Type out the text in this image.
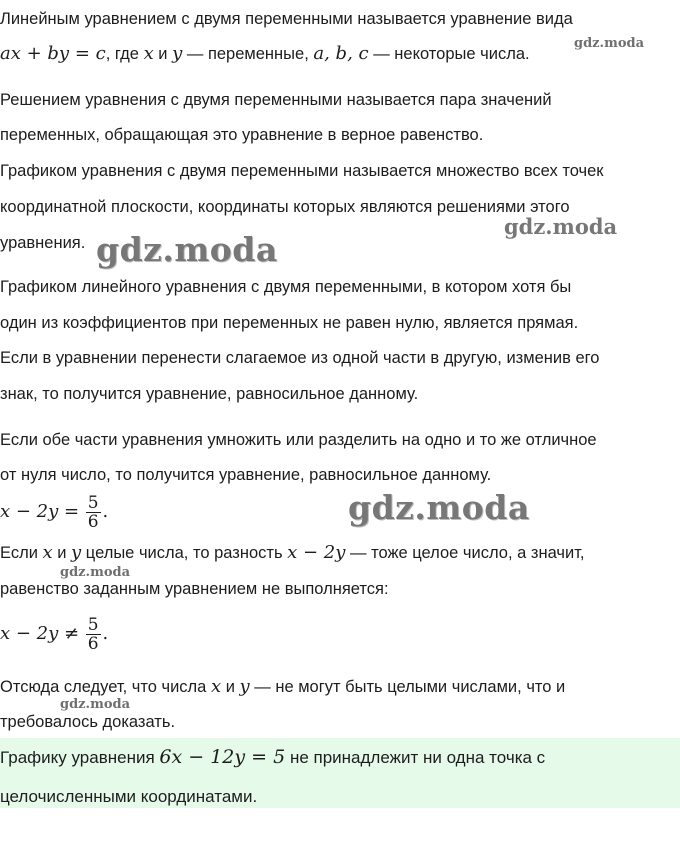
Линейным уравнением с двумя переменными называется уравнение вида
ax + by = c, где x и y — переменные, a, b, c — некоторые числа.
Решением уравнения с двумя переменными называется пара значений
переменных, обращающая это уравнение в верное равенство.
Графиком уравнения с двумя переменными называется множество всех точек
координатной плоскости, координаты которых являются решениями этого
уравнения.
Графиком линейного уравнения с двумя переменными, в котором хотя бы
один из коэффициентов при переменных не равен нулю, является прямая.
Если в уравнении перенести слагаемое из одной части в другую, изменив его
знак, то получится уравнение, равносильное данному.
Если обе части уравнения умножить или разделить на одно и то же отличное
от нуля число, то получится уравнение, равносильное данному.
$x - 2y = \frac{5}{6}$ .
Если x и y целые числа, то разность x − 2y — тоже целое число, а значит,
равенство заданным уравнением не выполняется:
$x - 2y \ne \frac{5}{6}$ .
Отсюда следует, что числа x и y — не могут быть целыми числами, что и
требовалось доказать.
Графику уравнения 6x − 12y = 5 не принадлежит ни одна точка с
целочисленными координатами.
gdz.moda
gdz.moda
gdz.moda
gdz.moda
gdz.moda
gdz.moda
